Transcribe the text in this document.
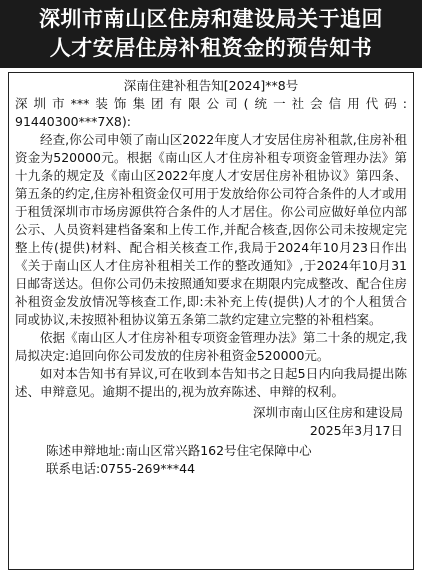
深圳市南山区住房和建设局关于追回
人才安居住房补租资金的预告知书
深南住建补租告知[2024]**8号
深圳市***装饰集团有限公司(统一社会信用代码:
91440300***7X8):

经查,你公司申领了南山区2022年度人才安居住房补租款,住房补租资金为520000元。根据《南山区人才住房补租专项资金管理办法》第十九条的规定及《南山区2022年度人才安居住房补租协议》第四条、第五条的约定,住房补租资金仅可用于发放给你公司符合条件的人才或用于租赁深圳市市场房源供符合条件的人才居住。你公司应做好单位内部公示、人员资料建档备案和上传工作,并配合核查,因你公司未按规定完整上传(提供)材料、配合相关核查工作,我局于2024年10月23日作出《关于南山区人才住房补租相关工作的整改通知》,于2024年10月31日邮寄送达。但你公司仍未按照通知要求在期限内完成整改、配合住房补租资金发放情况等核查工作,即:未补充上传(提供)人才的个人租赁合同或协议,未按照补租协议第五条第二款约定建立完整的补租档案。

依据《南山区人才住房补租专项资金管理办法》第二十条的规定,我局拟决定:追回向你公司发放的住房补租资金520000元。

如对本告知书有异议,可在收到本告知书之日起5日内向我局提出陈述、申辩意见。逾期不提出的,视为放弃陈述、申辩的权利。

深圳市南山区住房和建设局
2025年3月17日
陈述申辩地址:南山区常兴路162号住宅保障中心
联系电话:0755-269***44
